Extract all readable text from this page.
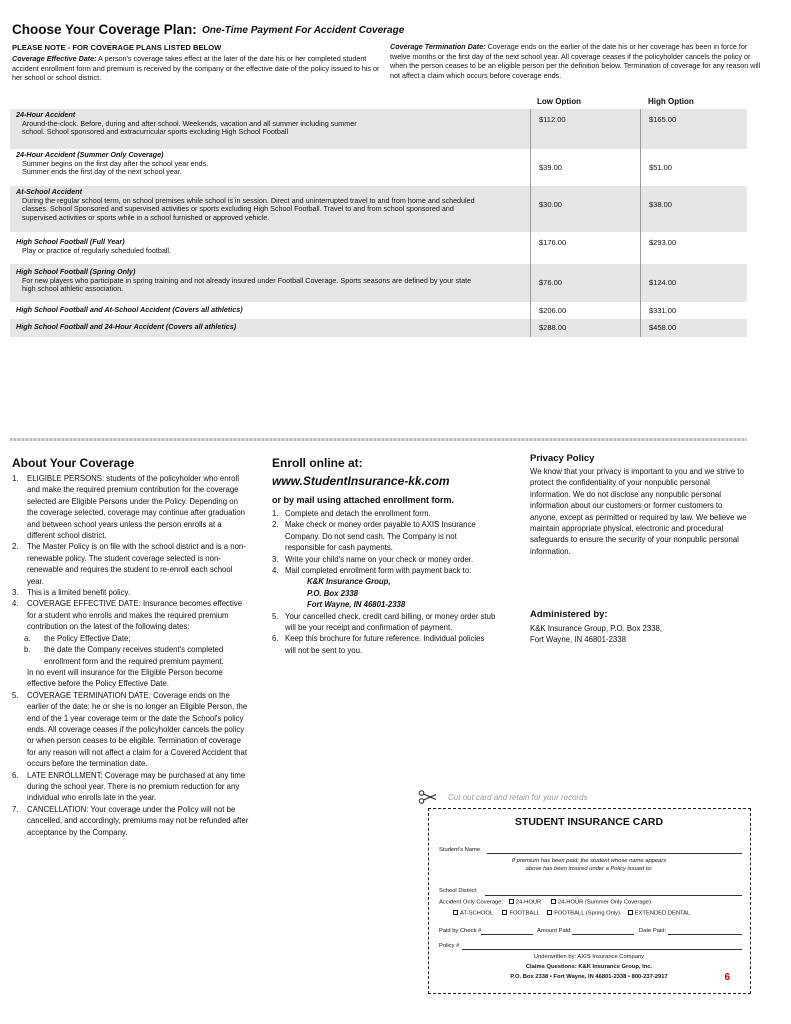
Choose Your Coverage Plan: One-Time Payment For Accident Coverage
PLEASE NOTE - FOR COVERAGE PLANS LISTED BELOW
Coverage Effective Date: A person's coverage takes effect at the later of the date his or her completed student accident enrollment form and premium is received by the company or the effective date of the policy issued to his or her school or school district.
Coverage Termination Date: Coverage ends on the earlier of the date his or her coverage has been in force for twelve months or the first day of the next school year. All coverage ceases if the policyholder cancels the policy or when the person ceases to be an eligible person per the definition below. Termination of coverage for any reason will not affect a claim which occurs before coverage ends.
Low Option	High Option
24-Hour Accident
Around-the-clock. Before, during and after school. Weekends, vacation and all summer including summer
school. School sponsored and extracurricular sports excluding High School Football
$112.00	$165.00
24-Hour Accident (Summer Only Coverage)
Summer begins on the first day after the school year ends.
Summer ends the first day of the next school year.	$39.00	$51.00
At-School Accident
During the regular school term, on school premises while school is in session. Direct and uninterrupted travel to and from home and scheduled
classes. School Sponsored and supervised activities or sports excluding High School Football. Travel to and from school sponsored and
supervised activities or sports while in a school furnished or approved vehicle.
$30.00	$38.00
High School Football (Full Year)
Play or practice of regularly scheduled football.
$176.00	$293.00
High School Football (Spring Only)
For new players who participate in spring training and not already insured under Football Coverage. Sports seasons are defined by your state
high school athletic association.
$76.00	$124.00
High School Football and At-School Accident (Covers all athletics)	$206.00	$331.00
High School Football and 24-Hour Accident (Covers all athletics)	$288.00	$458.00
About Your Coverage
1. ELIGIBLE PERSONS: students of the policyholder who enroll and make the required premium contribution for the coverage selected are Eligible Persons under the Policy. Depending on the coverage selected, coverage may continue after graduation and between school years unless the person enrolls at a different school district.
2. The Master Policy is on file with the school district and is a non-renewable policy. The student coverage selected is non-renewable and requires the student to re-enroll each school year.
3. This is a limited benefit policy.
4. COVERAGE EFFECTIVE DATE: Insurance becomes effective for a student who enrolls and makes the required premium contribution on the latest of the following dates:
a.	the Policy Effective Date;
b.	the date the Company receives student's completed enrollment form and the required premium payment.
In no event will insurance for the Eligible Person become effective before the Policy Effective Date.
5. COVERAGE TERMINATION DATE: Coverage ends on the earlier of the date: he or she is no longer an Eligible Person, the end of the 1 year coverage term or the date the School's policy ends. All coverage ceases if the policyholder cancels the policy or when person ceases to be eligible. Termination of coverage for any reason will not affect a claim for a Covered Accident that occurs before the termination date.
6. LATE ENROLLMENT: Coverage may be purchased at any time during the school year. There is no premium reduction for any individual who enrolls late in the year.
7. CANCELLATION: Your coverage under the Policy will not be cancelled, and accordingly, premiums may not be refunded after acceptance by the Company.
Enroll online at:
www.StudentInsurance-kk.com
or by mail using attached enrollment form.
1. Complete and detach the enrollment form.
2. Make check or money order payable to AXIS Insurance Company. Do not send cash. The Company is not responsible for cash payments.
3. Write your child's name on your check or money order.
4. Mail completed enrollment form with payment back to:
K&K Insurance Group,
P.O. Box 2338
Fort Wayne, IN 46801-2338
5. Your cancelled check, credit card billing, or money order stub will be your receipt and confirmation of payment.
6. Keep this brochure for future reference. Individual policies will not be sent to you.
Privacy Policy
We know that your privacy is important to you and we strive to protect the confidentiality of your nonpublic personal information. We do not disclose any nonpublic personal information about our customers or former customers to anyone, except as permitted or required by law. We believe we maintain appropriate physical, electronic and procedural safeguards to ensure the security of your nonpublic personal information.
Administered by:
K&K Insurance Group, P.O. Box 2338,
Fort Wayne, IN 46801-2338
Cut out card and retain for your records
STUDENT INSURANCE CARD
Student's Name
If premium has been paid, the student whose name appears
above has been insured under a Policy issued to:
School District:
Accident Only Coverage: 24-HOUR	24-HOUR (Summer Only Coverage)
AT-SCHOOL	FOOTBALL	FOOTBALL (Spring Only)	EXTENDED DENTAL
Paid by Check #	Amount Paid:	Date Paid:
Policy #
Underwritten by: AXIS Insurance Company
Claims Questions: K&K Insurance Group, Inc.
P.O. Box 2338 • Fort Wayne, IN 46801-2338 • 800-237-2917	6
